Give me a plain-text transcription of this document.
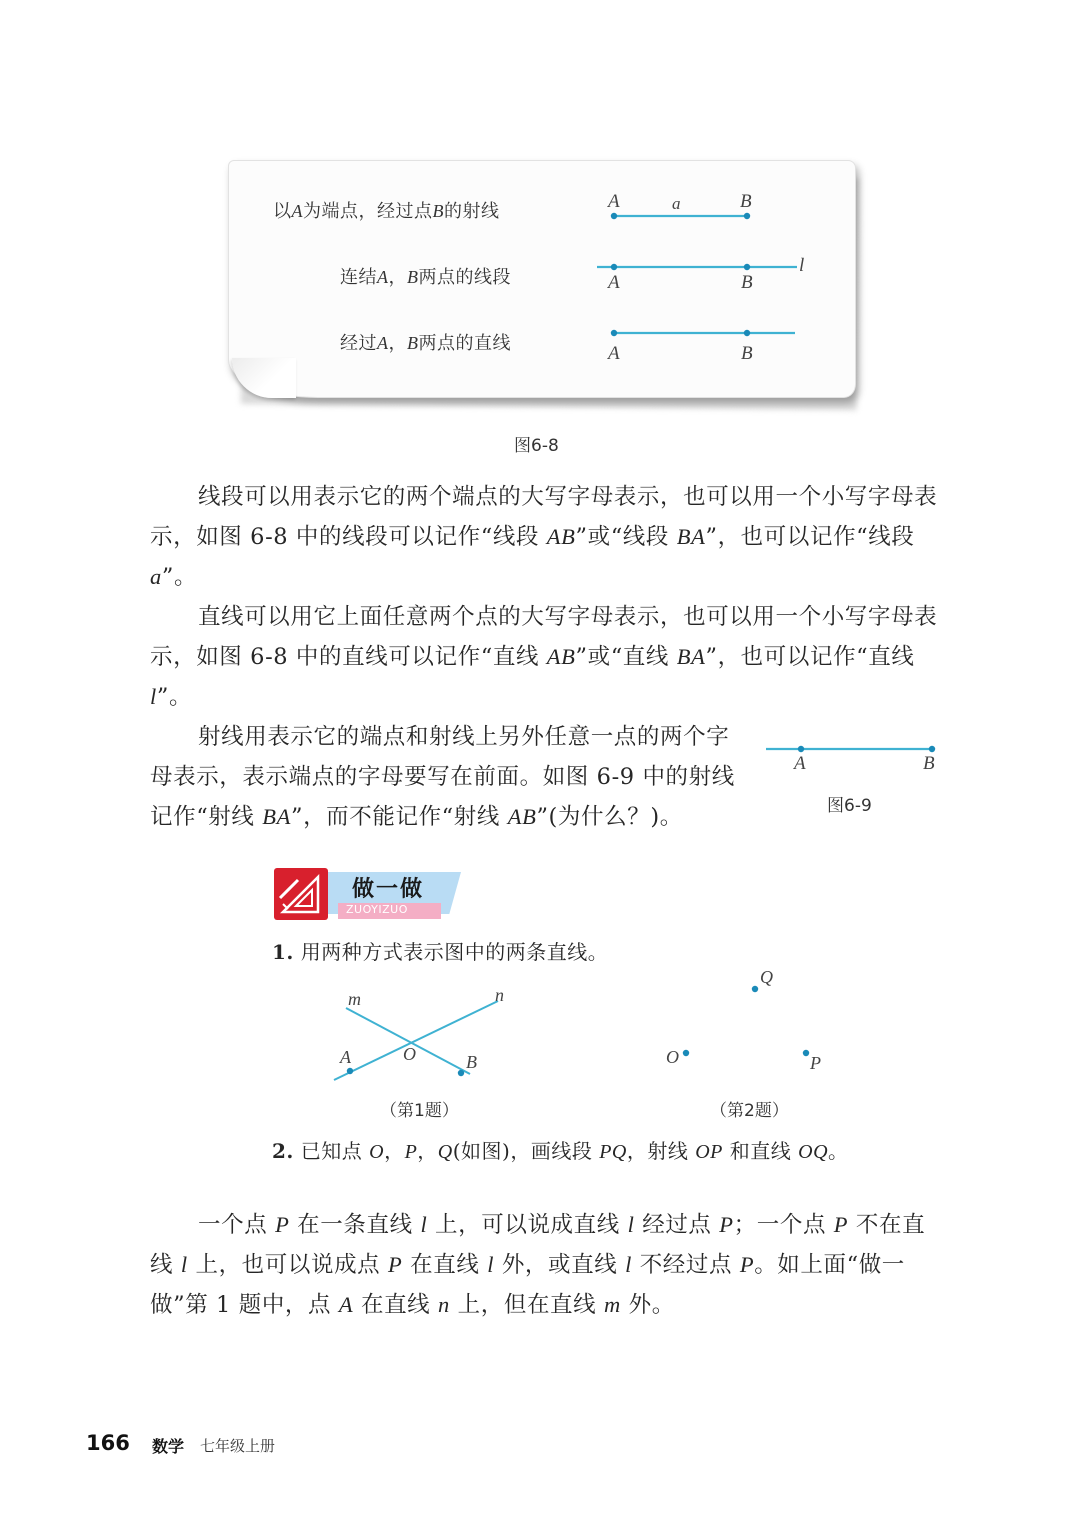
以A为端点，经过点B的射线
连结A，B两点的线段
经过A，B两点的直线
A	a	B
A	B
l
A	B
图6-8

线段可以用表示它的两个端点的大写字母表示，也可以用一个小写字母表示，如图 6-8 中的线段可以记作“线段 AB”或“线段 BA”，也可以记作“线段 a”。

直线可以用它上面任意两个点的大写字母表示，也可以用一个小写字母表示，如图 6-8 中的直线可以记作“直线 AB”或“直线 BA”，也可以记作“直线 l”。

射线用表示它的端点和射线上另外任意一点的两个字母表示，表示端点的字母要写在前面。如图 6-9 中的射线记作“射线 BA”，而不能记作“射线 AB”(为什么？)。

A	B
图6-9
做一做
ZUOYIZUO
1. 用两种方式表示图中的两条直线。
m	n
A	O	B
（第1题）
Q
O	P
（第2题）
2. 已知点 O，P，Q(如图)，画线段 PQ，射线 OP 和直线 OQ。

一个点 P 在一条直线 l 上，可以说成直线 l 经过点 P；一个点 P 不在直线 l 上，也可以说成点 P 在直线 l 外，或直线 l 不经过点 P。如上面“做一做”第 1 题中，点 A 在直线 n 上，但在直线 m 外。

166 数学 七年级上册
